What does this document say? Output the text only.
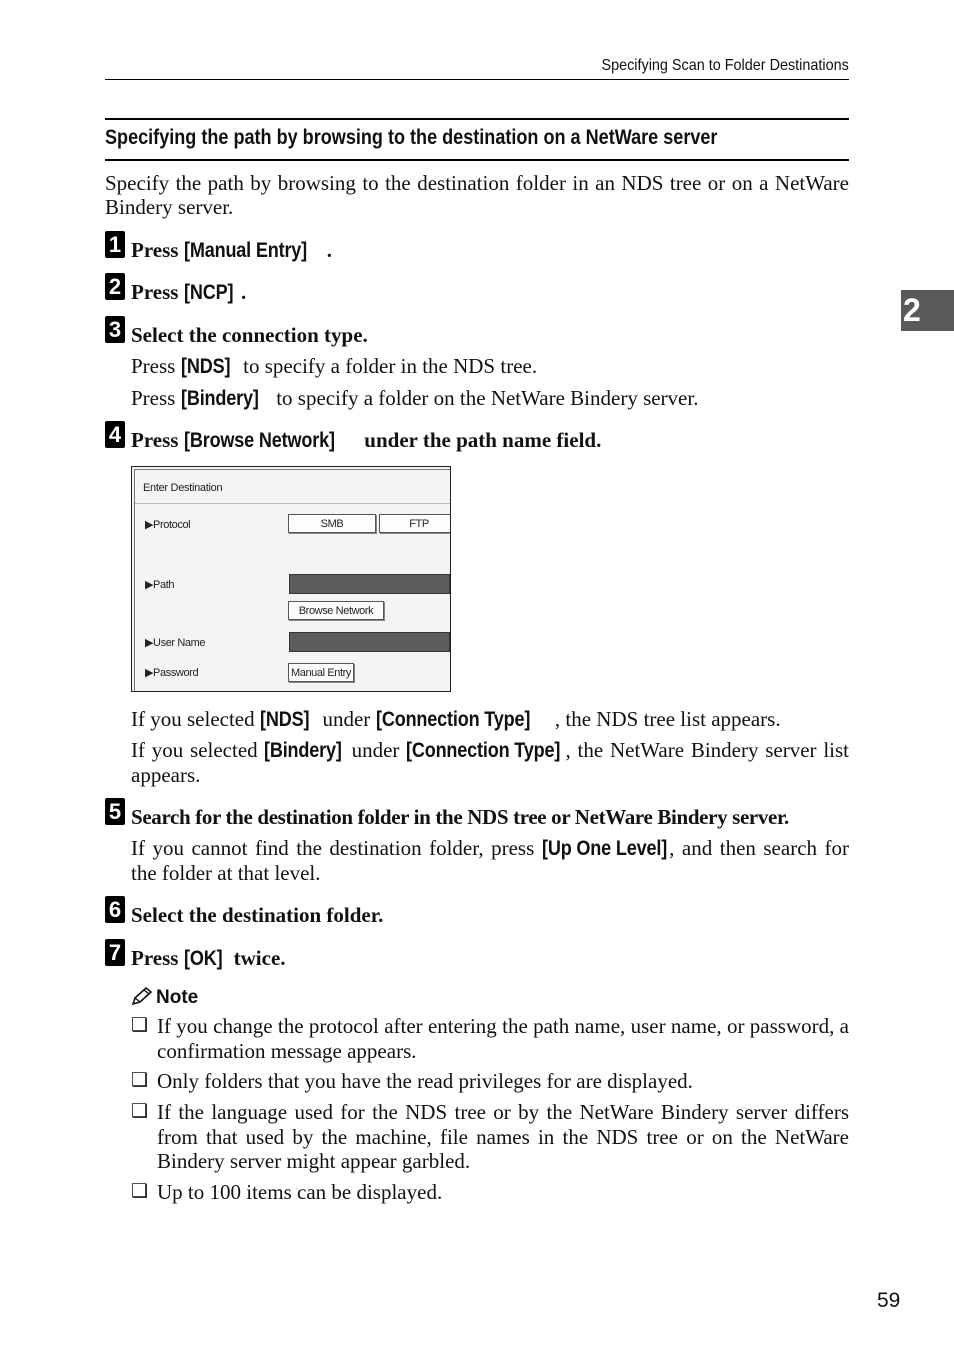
Specifying Scan to Folder Destinations
2
Specifying the path by browsing to the destination on a NetWare server
Specify the path by browsing to the destination folder in an NDS tree or on a NetWare Bindery server.
1 Press [Manual Entry] .
2 Press [NCP] .
3 Select the connection type.
Press [NDS] to specify a folder in the NDS tree.
Press [Bindery] to specify a folder on the NetWare Bindery server.
4 Press [Browse Network] under the path name field.
Enter Destination
▶Protocol	SMB	FTP
▶Path
Browse Network
▶User Name
▶Password	Manual Entry
If you selected [NDS] under [Connection Type] , the NDS tree list appears.
If you selected [Bindery] under [Connection Type] , the NetWare Bindery server list appears.
5 Search for the destination folder in the NDS tree or NetWare Bindery server.
If you cannot find the destination folder, press [Up One Level] , and then search for the folder at that level.
6 Select the destination folder.
7 Press [OK] twice.
Note
❑ If you change the protocol after entering the path name, user name, or password, a confirmation message appears.
❑ Only folders that you have the read privileges for are displayed.
❑ If the language used for the NDS tree or by the NetWare Bindery server differs from that used by the machine, file names in the NDS tree or on the NetWare Bindery server might appear garbled.
❑ Up to 100 items can be displayed.
59
